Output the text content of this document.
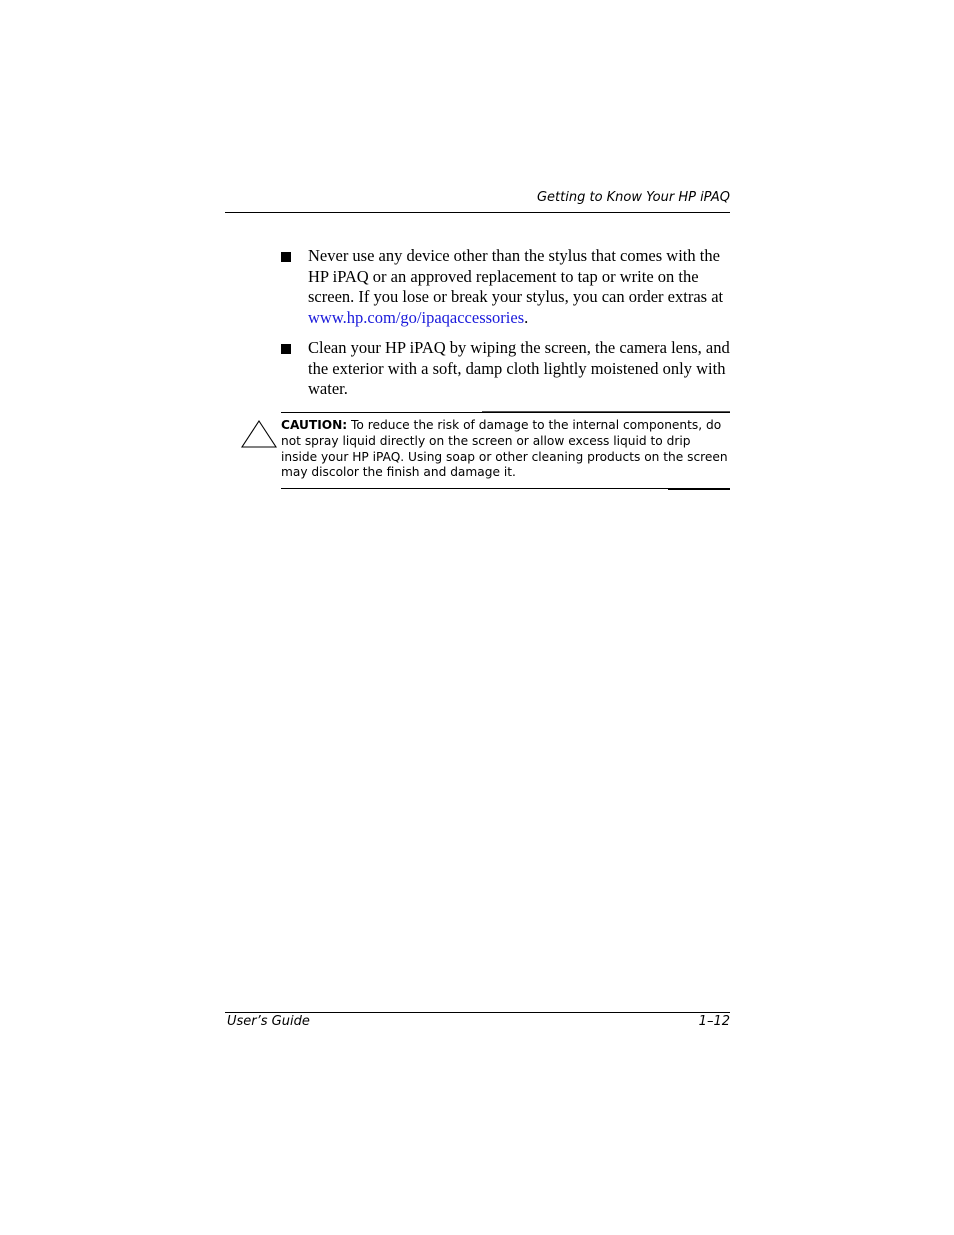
Getting to Know Your HP iPAQ
Never use any device other than the stylus that comes with the HP iPAQ or an approved replacement to tap or write on the screen. If you lose or break your stylus, you can order extras at www.hp.com/go/ipaqaccessories.
Clean your HP iPAQ by wiping the screen, the camera lens, and the exterior with a soft, damp cloth lightly moistened only with water.
CAUTION: To reduce the risk of damage to the internal components, do not spray liquid directly on the screen or allow excess liquid to drip inside your HP iPAQ. Using soap or other cleaning products on the screen may discolor the finish and damage it.
User’s Guide	1–12
